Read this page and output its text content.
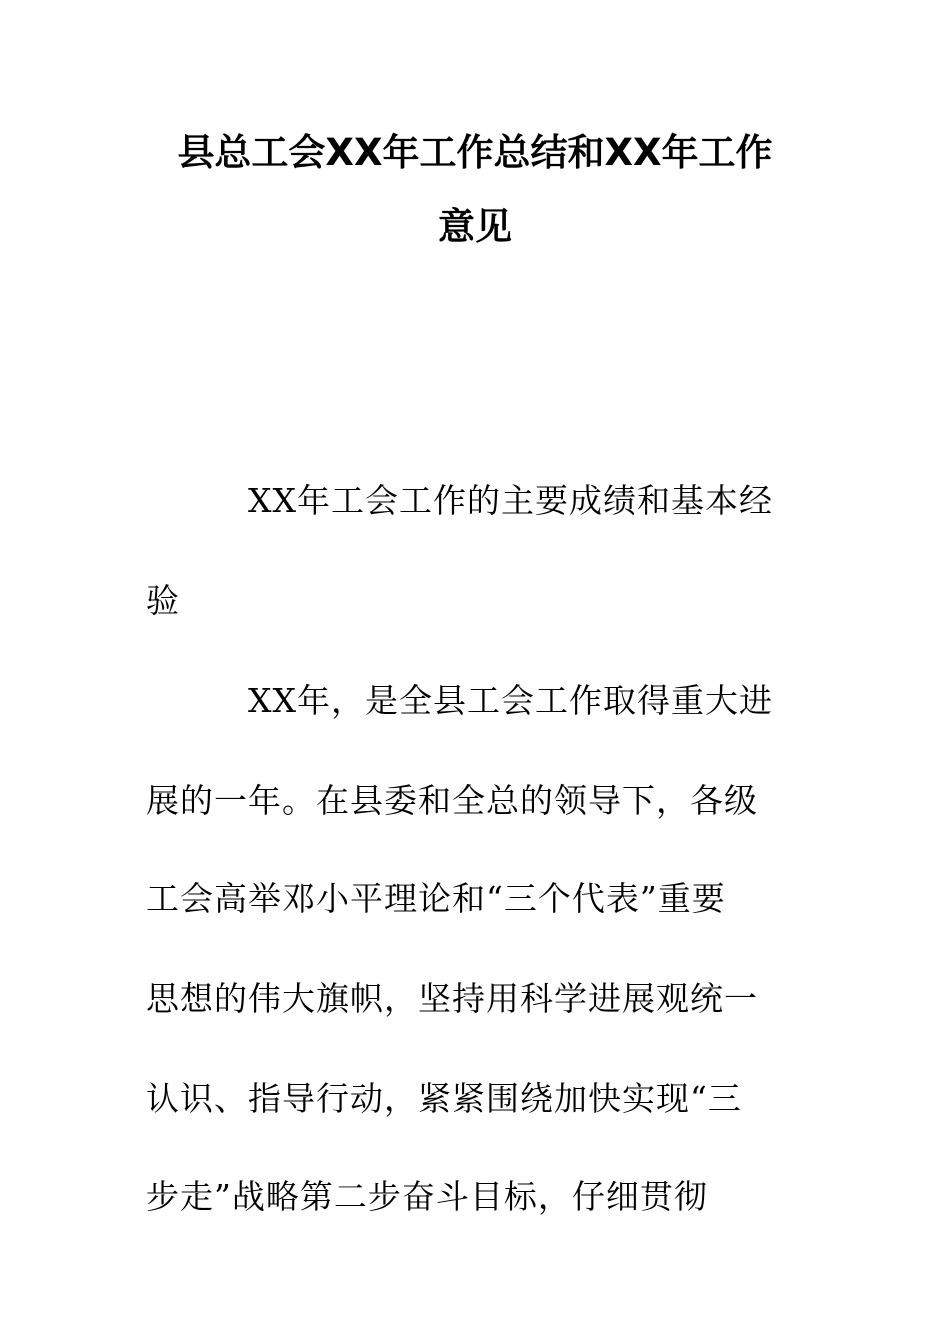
县总工会XX年工作总结和XX年工作
意见
XX年工会工作的主要成绩和基本经
验
XX年，是全县工会工作取得重大进
展的一年。在县委和全总的领导下，各级
工会高举邓小平理论和“三个代表”重要
思想的伟大旗帜，坚持用科学进展观统一
认识、指导行动，紧紧围绕加快实现“三
步走”战略第二步奋斗目标，仔细贯彻
